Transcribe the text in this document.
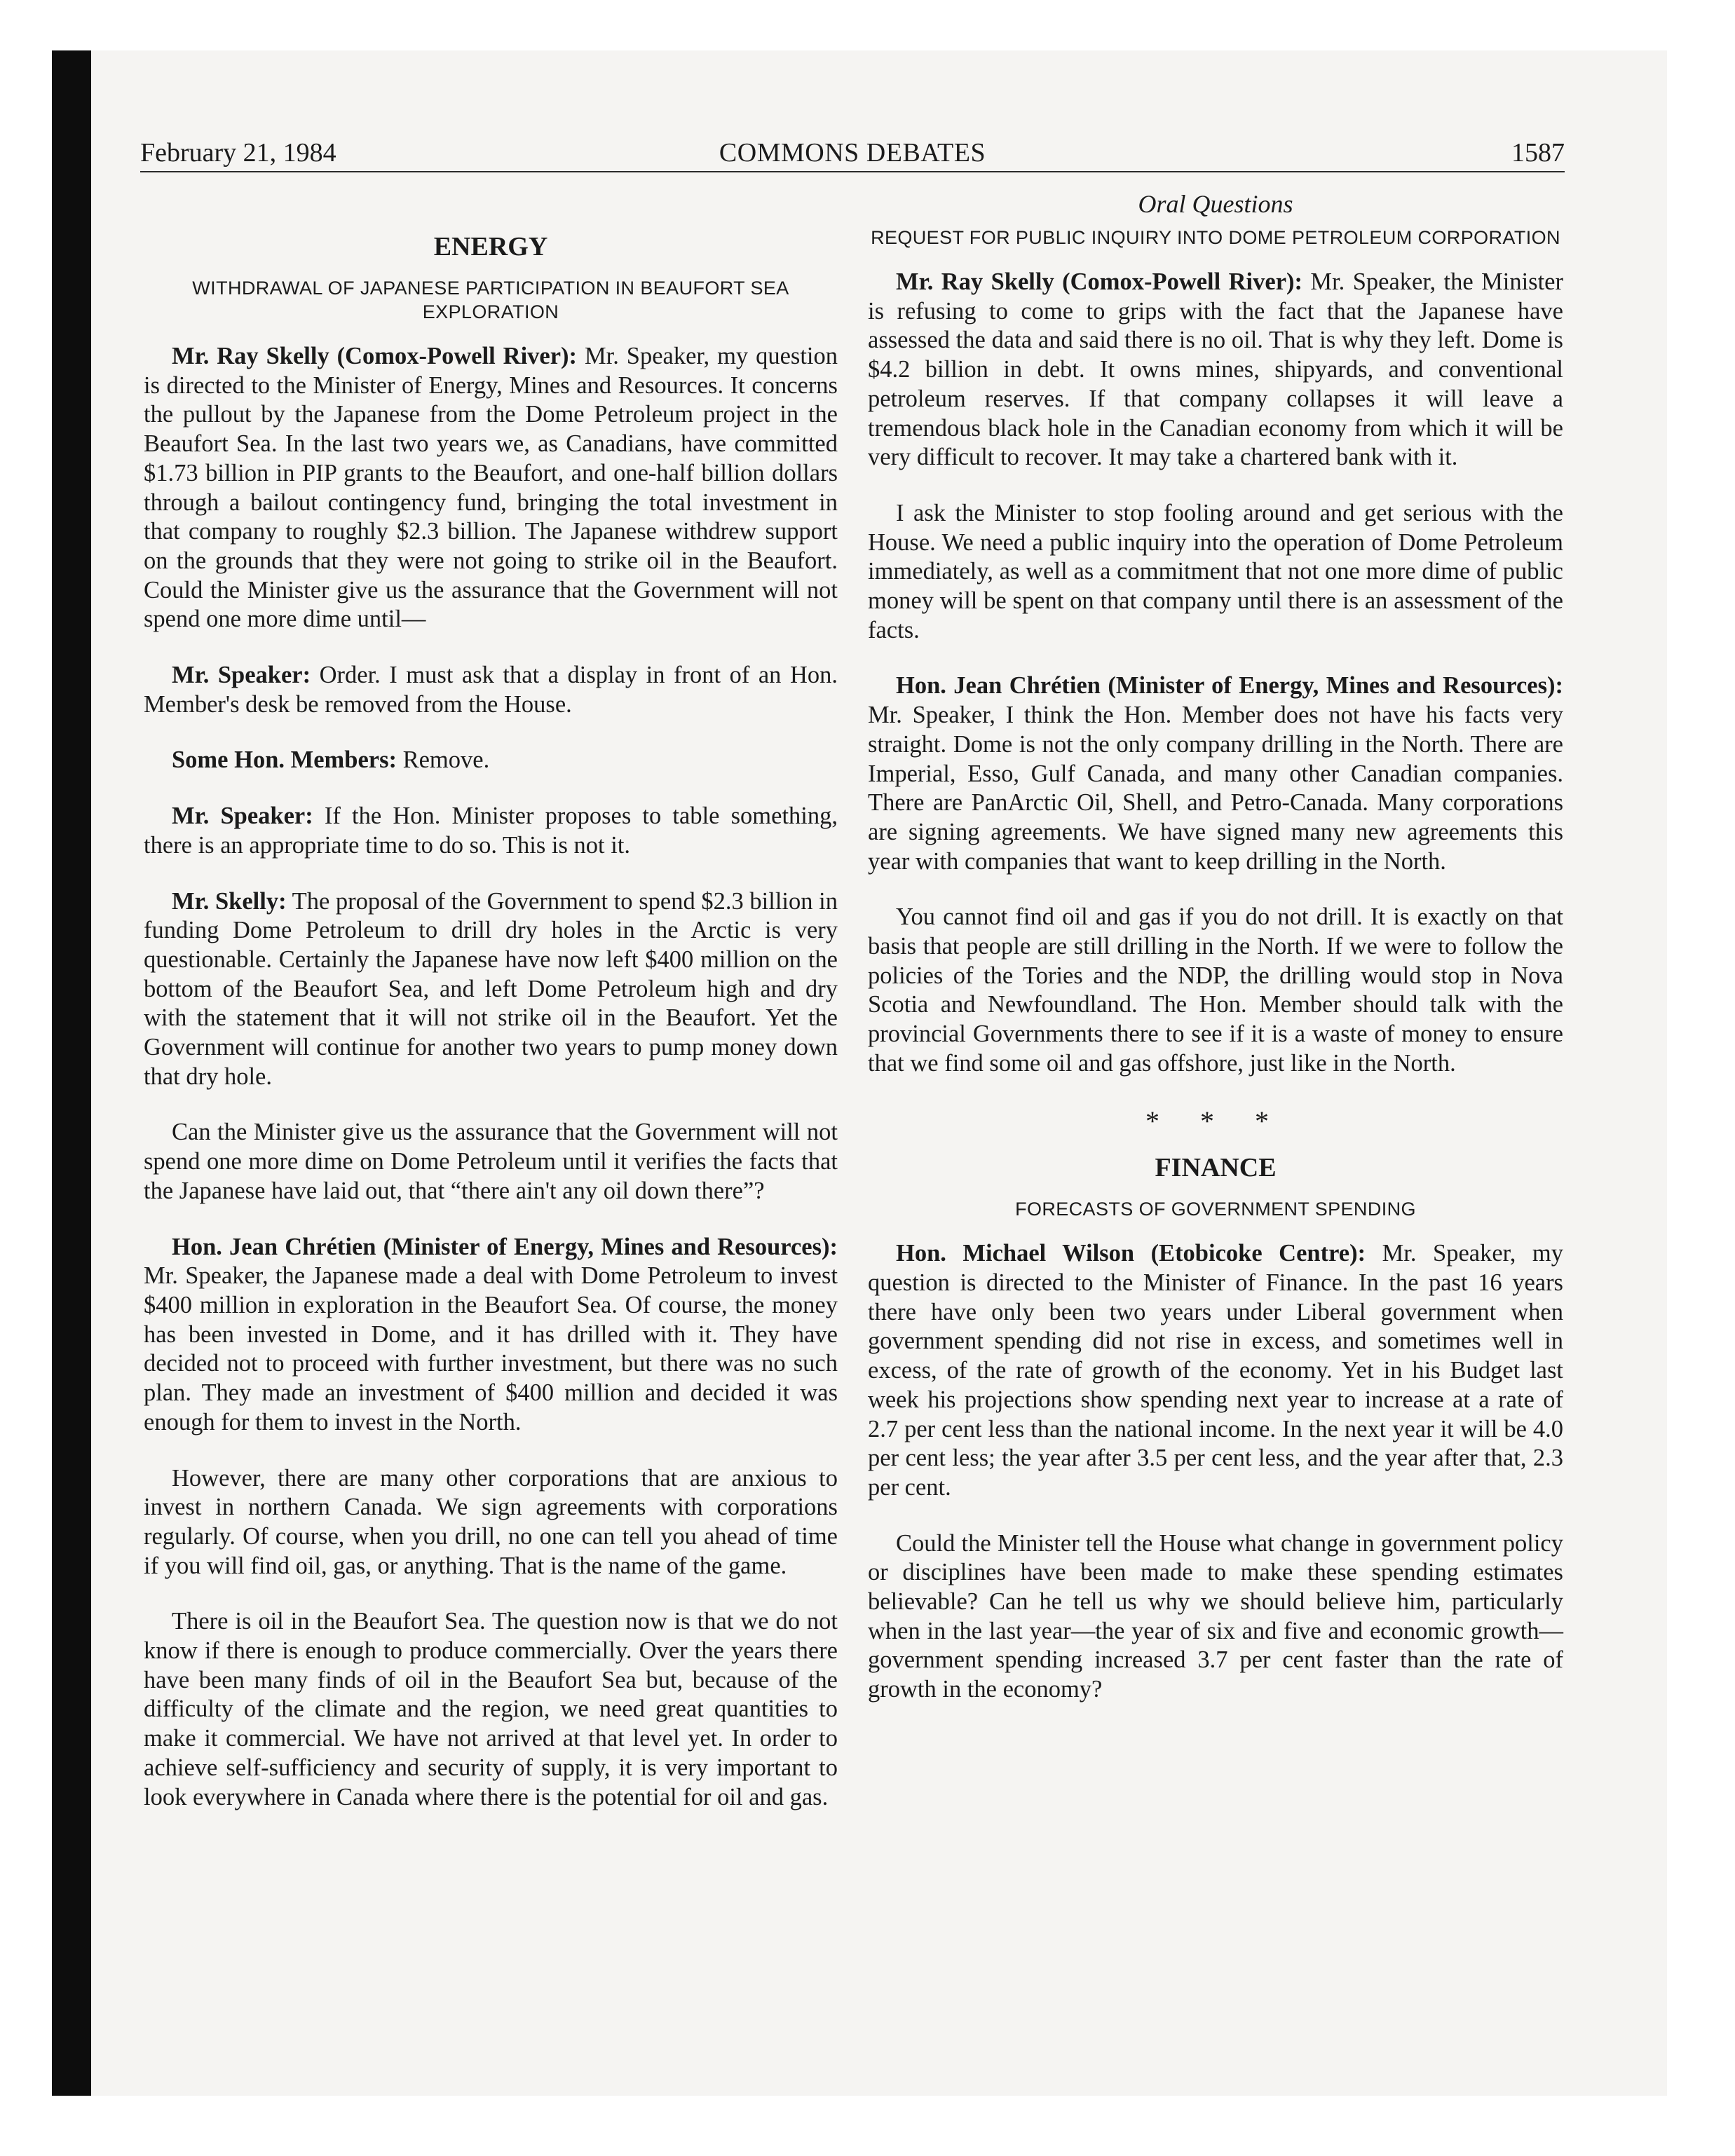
February 21, 1984	COMMONS DEBATES	1587
ENERGY
WITHDRAWAL OF JAPANESE PARTICIPATION IN BEAUFORT SEA EXPLORATION

Mr. Ray Skelly (Comox-Powell River): Mr. Speaker, my question is directed to the Minister of Energy, Mines and Resources. It concerns the pullout by the Japanese from the Dome Petroleum project in the Beaufort Sea. In the last two years we, as Canadians, have committed $1.73 billion in PIP grants to the Beaufort, and one-half billion dollars through a bailout contingency fund, bringing the total investment in that company to roughly $2.3 billion. The Japanese withdrew support on the grounds that they were not going to strike oil in the Beaufort. Could the Minister give us the assurance that the Government will not spend one more dime until—

Mr. Speaker: Order. I must ask that a display in front of an Hon. Member's desk be removed from the House.

Some Hon. Members: Remove.

Mr. Speaker: If the Hon. Minister proposes to table something, there is an appropriate time to do so. This is not it.

Mr. Skelly: The proposal of the Government to spend $2.3 billion in funding Dome Petroleum to drill dry holes in the Arctic is very questionable. Certainly the Japanese have now left $400 million on the bottom of the Beaufort Sea, and left Dome Petroleum high and dry with the statement that it will not strike oil in the Beaufort. Yet the Government will continue for another two years to pump money down that dry hole.

Can the Minister give us the assurance that the Government will not spend one more dime on Dome Petroleum until it verifies the facts that the Japanese have laid out, that “there ain't any oil down there”?

Hon. Jean Chrétien (Minister of Energy, Mines and Resources): Mr. Speaker, the Japanese made a deal with Dome Petroleum to invest $400 million in exploration in the Beaufort Sea. Of course, the money has been invested in Dome, and it has drilled with it. They have decided not to proceed with further investment, but there was no such plan. They made an investment of $400 million and decided it was enough for them to invest in the North.

However, there are many other corporations that are anxious to invest in northern Canada. We sign agreements with corporations regularly. Of course, when you drill, no one can tell you ahead of time if you will find oil, gas, or anything. That is the name of the game.

There is oil in the Beaufort Sea. The question now is that we do not know if there is enough to produce commercially. Over the years there have been many finds of oil in the Beaufort Sea but, because of the difficulty of the climate and the region, we need great quantities to make it commercial. We have not arrived at that level yet. In order to achieve self-sufficiency and security of supply, it is very important to look everywhere in Canada where there is the potential for oil and gas.

Oral Questions
REQUEST FOR PUBLIC INQUIRY INTO DOME PETROLEUM CORPORATION

Mr. Ray Skelly (Comox-Powell River): Mr. Speaker, the Minister is refusing to come to grips with the fact that the Japanese have assessed the data and said there is no oil. That is why they left. Dome is $4.2 billion in debt. It owns mines, shipyards, and conventional petroleum reserves. If that company collapses it will leave a tremendous black hole in the Canadian economy from which it will be very difficult to recover. It may take a chartered bank with it.

I ask the Minister to stop fooling around and get serious with the House. We need a public inquiry into the operation of Dome Petroleum immediately, as well as a commitment that not one more dime of public money will be spent on that company until there is an assessment of the facts.

Hon. Jean Chrétien (Minister of Energy, Mines and Resources): Mr. Speaker, I think the Hon. Member does not have his facts very straight. Dome is not the only company drilling in the North. There are Imperial, Esso, Gulf Canada, and many other Canadian companies. There are PanArctic Oil, Shell, and Petro-Canada. Many corporations are signing agreements. We have signed many new agreements this year with companies that want to keep drilling in the North.

You cannot find oil and gas if you do not drill. It is exactly on that basis that people are still drilling in the North. If we were to follow the policies of the Tories and the NDP, the drilling would stop in Nova Scotia and Newfoundland. The Hon. Member should talk with the provincial Governments there to see if it is a waste of money to ensure that we find some oil and gas offshore, just like in the North.

* * *
FINANCE
FORECASTS OF GOVERNMENT SPENDING

Hon. Michael Wilson (Etobicoke Centre): Mr. Speaker, my question is directed to the Minister of Finance. In the past 16 years there have only been two years under Liberal government when government spending did not rise in excess, and sometimes well in excess, of the rate of growth of the economy. Yet in his Budget last week his projections show spending next year to increase at a rate of 2.7 per cent less than the national income. In the next year it will be 4.0 per cent less; the year after 3.5 per cent less, and the year after that, 2.3 per cent.

Could the Minister tell the House what change in government policy or disciplines have been made to make these spending estimates believable? Can he tell us why we should believe him, particularly when in the last year—the year of six and five and economic growth—government spending increased 3.7 per cent faster than the rate of growth in the economy?
